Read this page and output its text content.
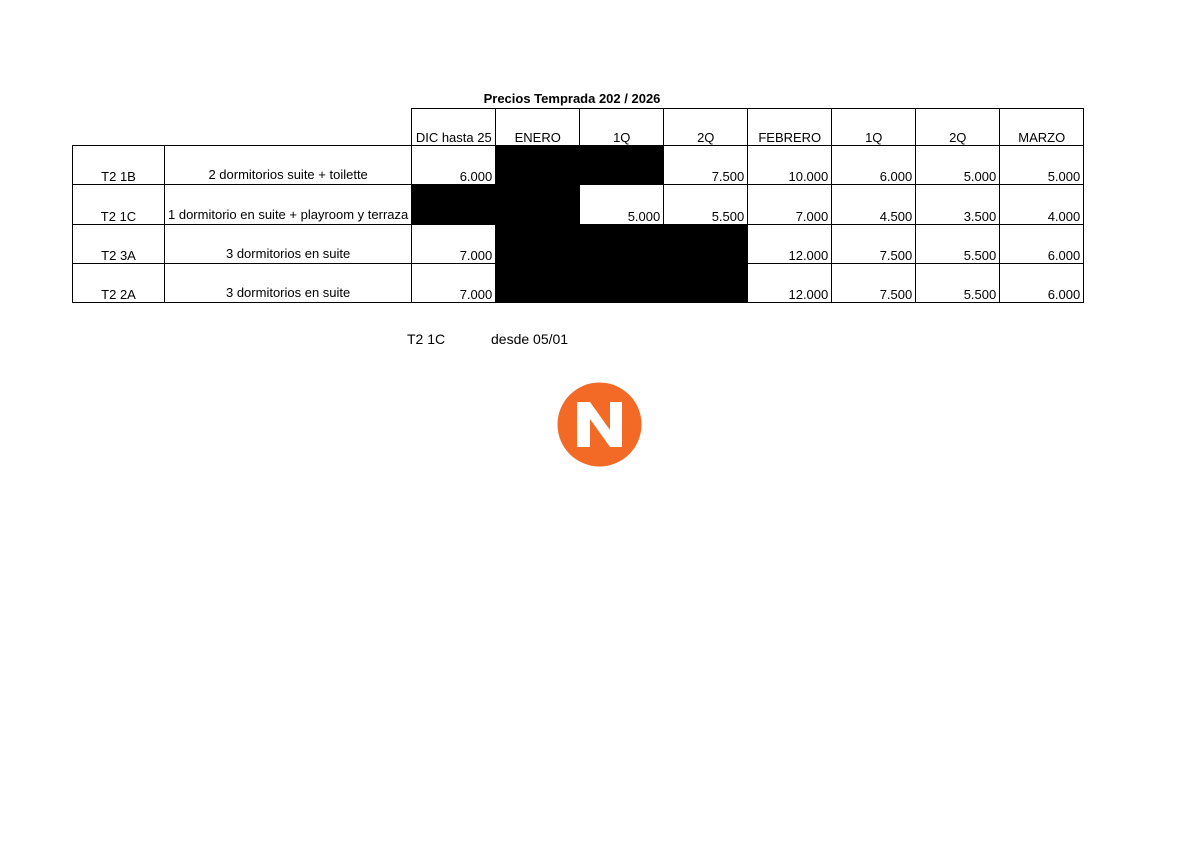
Precios Temprada 202 / 2026
		DIC hasta 25	ENERO	1Q	2Q	FEBRERO	1Q	2Q	MARZO
T2 1B	2 dormitorios suite + toilette	6.000			7.500	10.000	6.000	5.000	5.000
T2 1C	1 dormitorio en suite + playroom y terraza			5.000	5.500	7.000	4.500	3.500	4.000
T2 3A	3 dormitorios en suite	7.000				12.000	7.500	5.500	6.000
T2 2A	3 dormitorios en suite	7.000				12.000	7.500	5.500	6.000
T2 1C	desde 05/01
